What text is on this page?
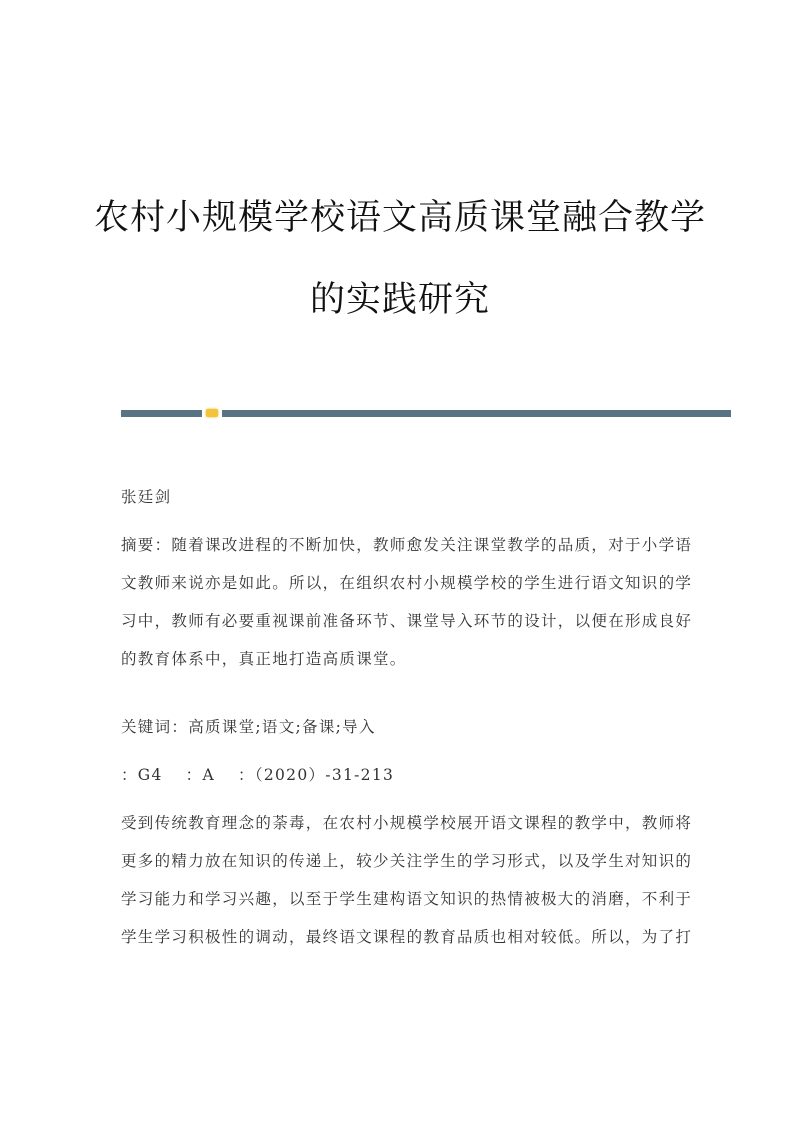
农村小规模学校语文高质课堂融合教学
的实践研究
张廷剑
摘要：随着课改进程的不断加快，教师愈发关注课堂教学的品质，对于小学语
文教师来说亦是如此。所以，在组织农村小规模学校的学生进行语文知识的学
习中，教师有必要重视课前准备环节、课堂导入环节的设计，以便在形成良好
的教育体系中，真正地打造高质课堂。
关键词：高质课堂;语文;备课;导入
：G4　 ：A　 ：（2020）-31-213
受到传统教育理念的荼毒，在农村小规模学校展开语文课程的教学中，教师将
更多的精力放在知识的传递上，较少关注学生的学习形式，以及学生对知识的
学习能力和学习兴趣，以至于学生建构语文知识的热情被极大的消磨，不利于
学生学习积极性的调动，最终语文课程的教育品质也相对较低。所以，为了打
